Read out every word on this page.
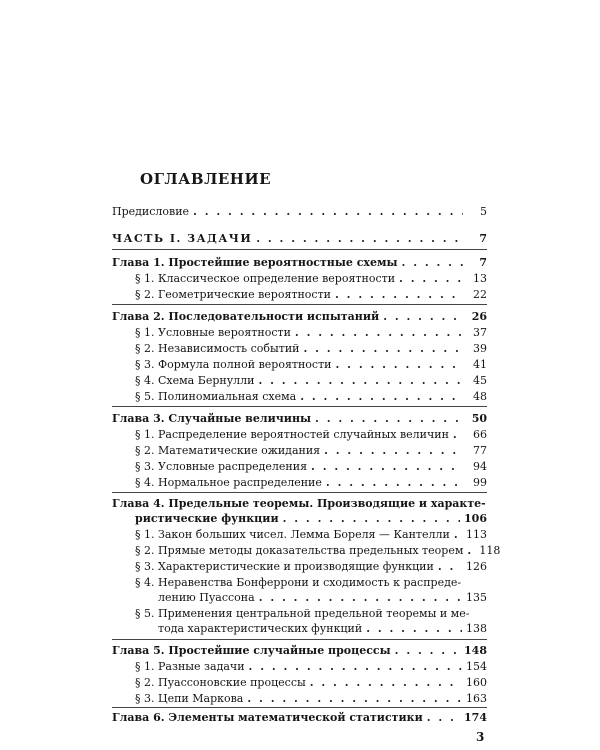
ОГЛАВЛЕНИЕ
Предисловие . . .	5
ЧАСТЬ I. ЗАДАЧИ . . .	7
Глава 1. Простейшие вероятностные схемы . . .	7
§ 1. Классическое определение вероятности . . .	13
§ 2. Геометрические вероятности . . .	22
Глава 2. Последовательности испытаний . . .	26
§ 1. Условные вероятности . . .	37
§ 2. Независимость событий . . .	39
§ 3. Формула полной вероятности . . .	41
§ 4. Схема Бернулли . . .	45
§ 5. Полиномиальная схема . . .	48
Глава 3. Случайные величины . . .	50
§ 1. Распределение вероятностей случайных величин . . .	66
§ 2. Математические ожидания . . .	77
§ 3. Условные распределения . . .	94
§ 4. Нормальное распределение . . .	99
Глава 4. Предельные теоремы. Производящие и характе-
ристические функции . . .	106
§ 1. Закон больших чисел. Лемма Бореля — Кантелли . . . 113
§ 2. Прямые методы доказательства предельных теорем . . . 118
§ 3. Характеристические и производящие функции . . .	126
§ 4. Неравенства Бонферрони и сходимость к распреде-
лению Пуассона . . .	135
§ 5. Применения центральной предельной теоремы и ме-
тода характеристических функций . . .	138
Глава 5. Простейшие случайные процессы . . .	148
§ 1. Разные задачи . . .	154
§ 2. Пуассоновские процессы . . .	160
§ 3. Цепи Маркова . . .	163
Глава 6. Элементы математической статистики . . .	174
3
